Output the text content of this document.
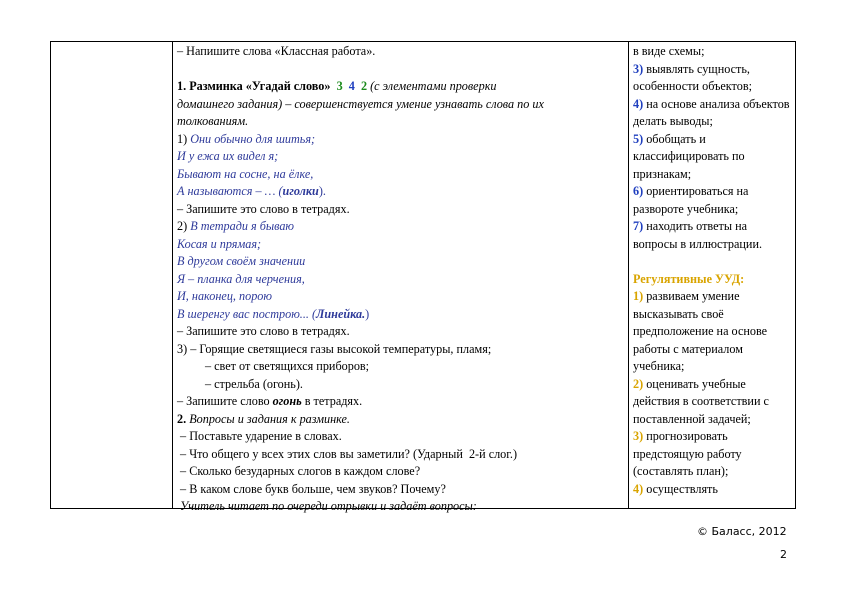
– Напишите слова «Классная работа».
1. Разминка «Угадай слово» 3 4 2 (с элементами проверки
домашнего задания) – совершенствуется умение узнавать слова по их
толкованиям.
1) Они обычно для шитья;
И у ежа их видел я;
Бывают на сосне, на ёлке,
А называются – … (иголки).
– Запишите это слово в тетрадях.
2) В тетради я бываю
Косая и прямая;
В другом своём значении
Я – планка для черчения,
И, наконец, порою
В шеренгу вас построю... (Линейка.)
– Запишите это слово в тетрадях.
3) – Горящие светящиеся газы высокой температуры, пламя;
– свет от светящихся приборов;
– стрельба (огонь).
– Запишите слово огонь в тетрадях.
2. Вопросы и задания к разминке.
– Поставьте ударение в словах.
– Что общего у всех этих слов вы заметили? (Ударный  2-й слог.)
– Сколько безударных слогов в каждом слове?
– В каком слове букв больше, чем звуков? Почему?
Учитель читает по очереди отрывки и задаёт вопросы:
в виде схемы;
3) выявлять сущность,
особенности объектов;
4) на основе анализа объектов
делать выводы;
5) обобщать и
классифицировать по
признакам;
6) ориентироваться на
развороте учебника;
7) находить ответы на
вопросы в иллюстрации.
Регулятивные УУД:
1) развиваем умение
высказывать своё
предположение на основе
работы с материалом
учебника;
2) оценивать учебные
действия в соответствии с
поставленной задачей;
3) прогнозировать
предстоящую работу
(составлять план);
4) осуществлять
© Баласс, 2012
2
